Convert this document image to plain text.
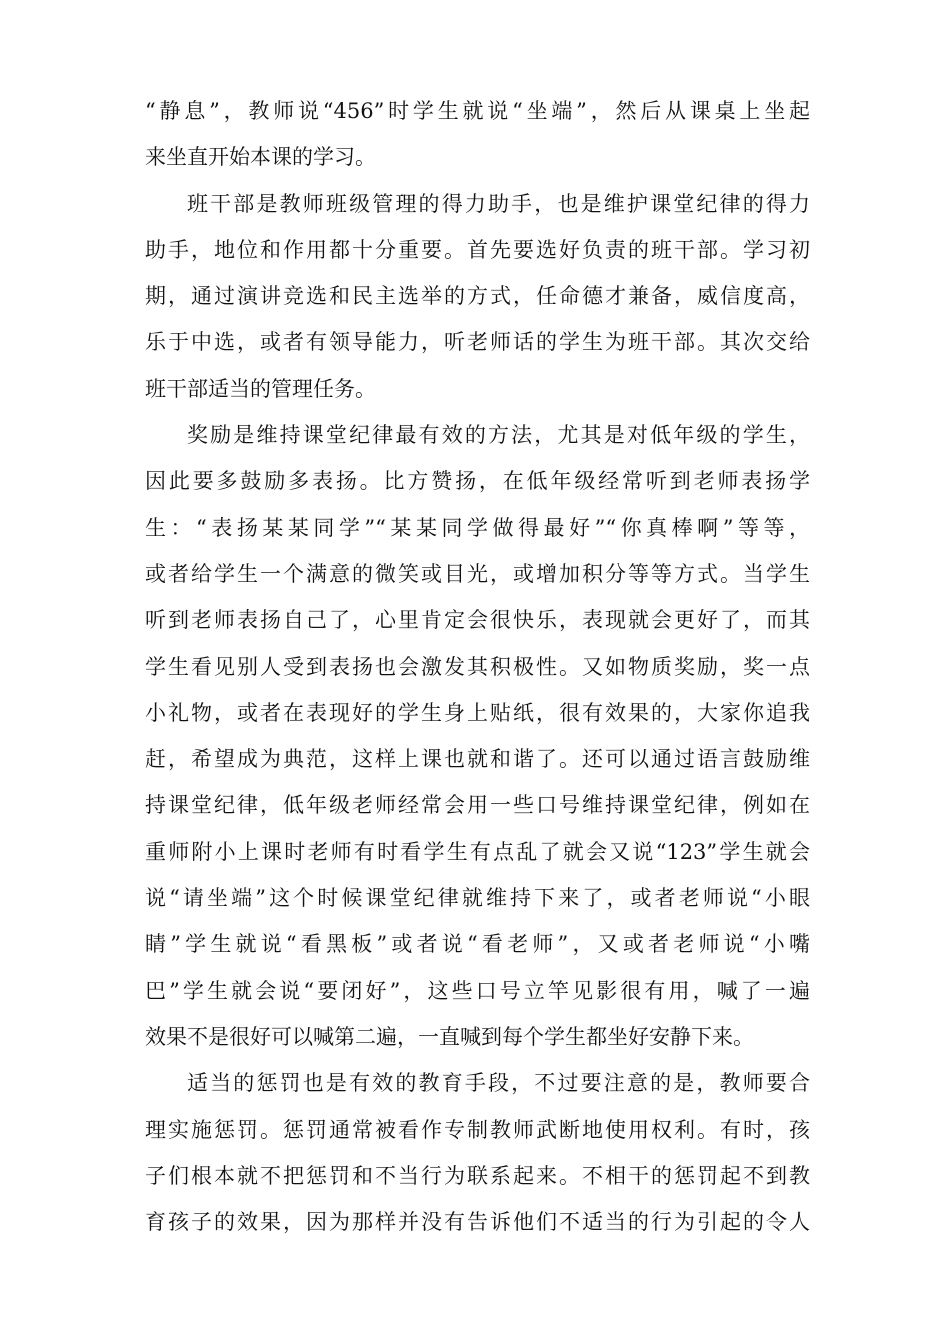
“静息”，教师说“456”时学生就说“坐端”，然后从课桌上坐起
来坐直开始本课的学习。
班干部是教师班级管理的得力助手，也是维护课堂纪律的得力
助手，地位和作用都十分重要。首先要选好负责的班干部。学习初
期，通过演讲竞选和民主选举的方式，任命德才兼备，威信度高，
乐于中选，或者有领导能力，听老师话的学生为班干部。其次交给
班干部适当的管理任务。
奖励是维持课堂纪律最有效的方法，尤其是对低年级的学生，
因此要多鼓励多表扬。比方赞扬，在低年级经常听到老师表扬学
生：“表扬某某同学”“某某同学做得最好”“你真棒啊”等等，
或者给学生一个满意的微笑或目光，或增加积分等等方式。当学生
听到老师表扬自己了，心里肯定会很快乐，表现就会更好了，而其
学生看见别人受到表扬也会激发其积极性。又如物质奖励，奖一点
小礼物，或者在表现好的学生身上贴纸，很有效果的，大家你追我
赶，希望成为典范，这样上课也就和谐了。还可以通过语言鼓励维
持课堂纪律，低年级老师经常会用一些口号维持课堂纪律，例如在
重师附小上课时老师有时看学生有点乱了就会又说“123”学生就会
说“请坐端”这个时候课堂纪律就维持下来了，或者老师说“小眼
睛”学生就说“看黑板”或者说“看老师”，又或者老师说“小嘴
巴”学生就会说“要闭好”，这些口号立竿见影很有用，喊了一遍
效果不是很好可以喊第二遍，一直喊到每个学生都坐好安静下来。
适当的惩罚也是有效的教育手段，不过要注意的是，教师要合
理实施惩罚。惩罚通常被看作专制教师武断地使用权利。有时，孩
子们根本就不把惩罚和不当行为联系起来。不相干的惩罚起不到教
育孩子的效果，因为那样并没有告诉他们不适当的行为引起的令人
